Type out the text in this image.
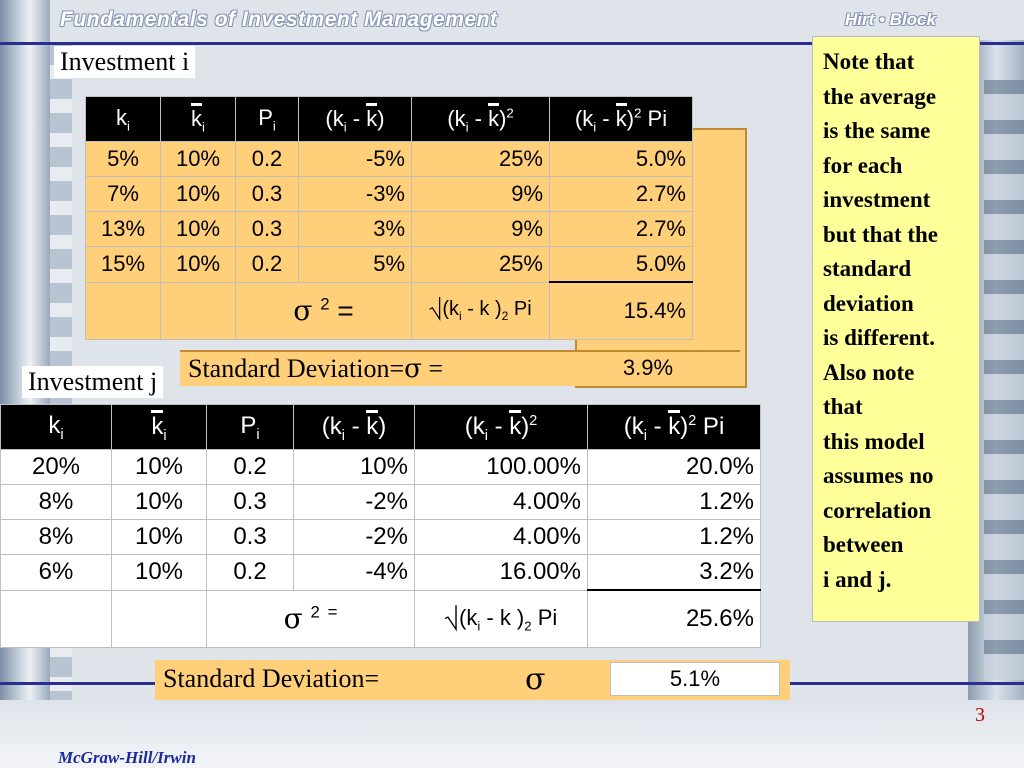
Fundamentals of Investment Management	Hirt • Block
$k_i$	$k_i$	$P_i$	$(k_i - k)$	$(k_i - k)^2$	$(k_i - k)^2$ Pi
5%	10%	0.2	-5%	25%	5.0%
7%	10%	0.3	-3%	9%	2.7%
13%	10%	0.3	3%	9%	2.7%
15%	10%	0.2	5%	25%	5.0%
		σ $^2$ =		$⎷(k_i$ - k )$_2$ Pi	15.4%
Standard Deviation=σ =	3.9%
Investment i
$k_i$	$k_i$	$P_i$	$(k_i - k)$	$(k_i - k)^2$	$(k_i - k)^2$ Pi
20%	10%	0.2	10%	100.00%	20.0%
8%	10%	0.3	-2%	4.00%	1.2%
8%	10%	0.3	-2%	4.00%	1.2%
6%	10%	0.2	-4%	16.00%	3.2%
		σ $^2$ =		$⎷(k_i$ - k )$_2$ Pi	25.6%
Standard Deviation=	σ	5.1%
Investment j
Note that
the average
is the same
for each
investment
but that the
standard
deviation
is different.
Also note
that
this model
assumes no
correlation
between
i and j.
3
McGraw-Hill/Irwin
